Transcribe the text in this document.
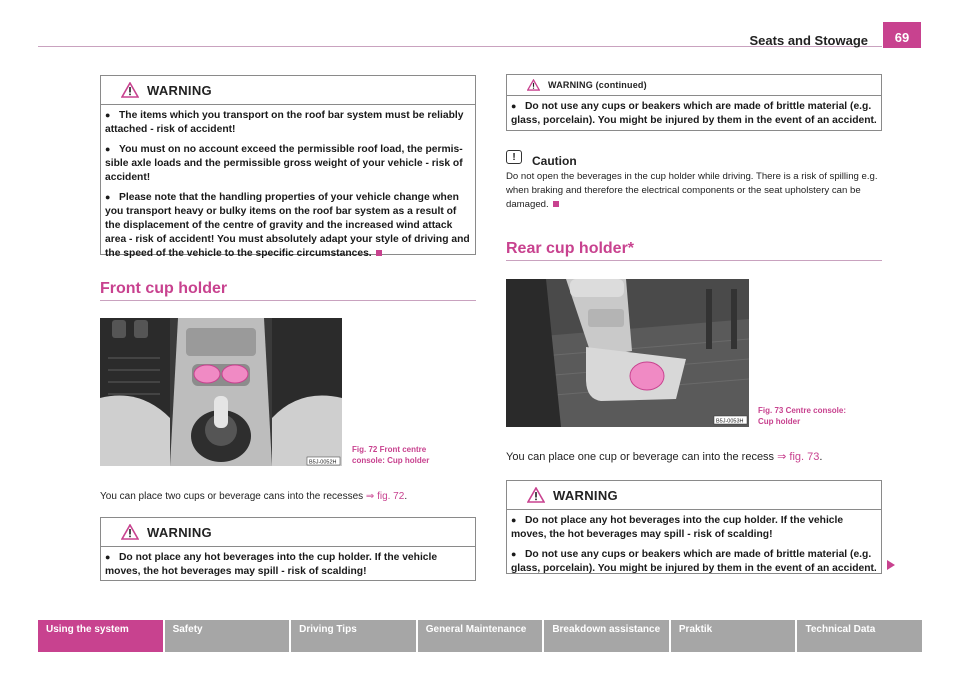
Seats and Stowage	69
WARNING

● The items which you transport on the roof bar system must be reliably attached - risk of accident!

● You must on no account exceed the permissible roof load, the permis-sible axle loads and the permissible gross weight of your vehicle - risk of accident!

● Please note that the handling properties of your vehicle change when you transport heavy or bulky items on the roof bar system as a result of the displacement of the centre of gravity and the increased wind attack area - risk of accident! You must absolutely adapt your style of driving and the speed of the vehicle to the specific circumstances.

Front cup holder
B5J-0052H
Fig. 72 Front centre
console: Cup holder
You can place two cups or beverage cans into the recesses ⇒ fig. 72.
WARNING

● Do not place any hot beverages into the cup holder. If the vehicle moves, the hot beverages may spill - risk of scalding!

WARNING (continued)

● Do not use any cups or beakers which are made of brittle material (e.g. glass, porcelain). You might be injured by them in the event of an accident.

!	Caution
Do not open the beverages in the cup holder while driving. There is a risk of spilling e.g. when braking and therefore the electrical components or the seat upholstery can be damaged.
Rear cup holder*
B5J-0053H
Fig. 73 Centre console:
Cup holder
You can place one cup or beverage can into the recess ⇒ fig. 73.
WARNING

● Do not place any hot beverages into the cup holder. If the vehicle moves, the hot beverages may spill - risk of scalding!

● Do not use any cups or beakers which are made of brittle material (e.g. glass, porcelain). You might be injured by them in the event of an accident.

Using the system	Safety	Driving Tips	General Maintenance	Breakdown assistance	Praktik	Technical Data
